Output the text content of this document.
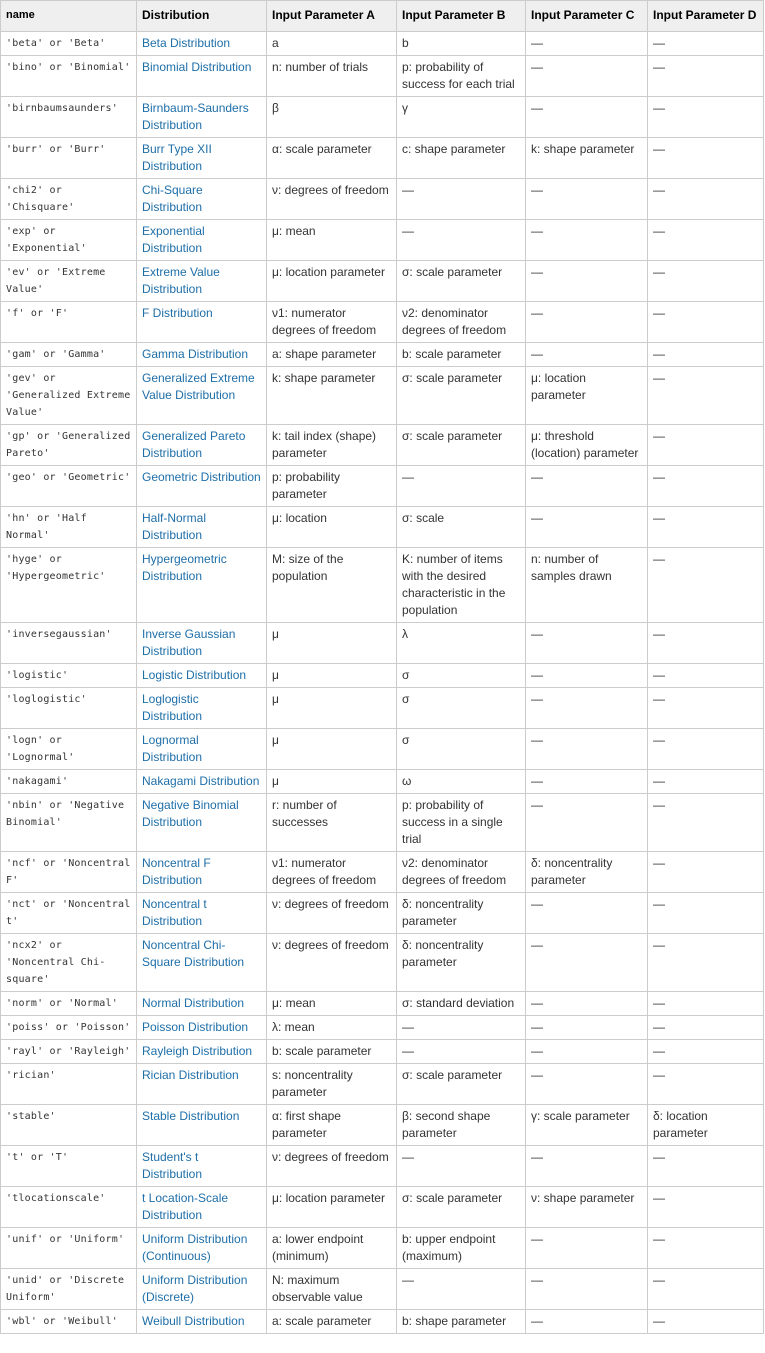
name	Distribution	Input Parameter A	Input Parameter B	Input Parameter C	Input Parameter D
'beta' or 'Beta'	Beta Distribution	a	b	—	—
'bino' or 'Binomial'	Binomial Distribution	n: number of trials	p: probability of success for each trial	—	—
'birnbaumsaunders'	Birnbaum-Saunders Distribution	β	γ	—	—
'burr' or 'Burr'	Burr Type XII Distribution	α: scale parameter	c: shape parameter	k: shape parameter	—
'chi2' or 'Chisquare'	Chi-Square Distribution	ν: degrees of freedom	—	—	—
'exp' or 'Exponential'	Exponential Distribution	μ: mean	—	—	—
'ev' or 'Extreme Value'	Extreme Value Distribution	μ: location parameter	σ: scale parameter	—	—
'f' or 'F'	F Distribution	ν1: numerator degrees of freedom	ν2: denominator degrees of freedom	—	—
'gam' or 'Gamma'	Gamma Distribution	a: shape parameter	b: scale parameter	—	—
'gev' or 'Generalized Extreme Value'	Generalized Extreme Value Distribution	k: shape parameter	σ: scale parameter	μ: location parameter	—
'gp' or 'Generalized Pareto'	Generalized Pareto Distribution	k: tail index (shape) parameter	σ: scale parameter	μ: threshold (location) parameter	—
'geo' or 'Geometric'	Geometric Distribution	p: probability parameter	—	—	—
'hn' or 'Half Normal'	Half-Normal Distribution	μ: location	σ: scale	—	—
'hyge' or 'Hypergeometric'	Hypergeometric Distribution	M: size of the population	K: number of items with the desired characteristic in the population	n: number of samples drawn	—
'inversegaussian'	Inverse Gaussian Distribution	μ	λ	—	—
'logistic'	Logistic Distribution	μ	σ	—	—
'loglogistic'	Loglogistic Distribution	μ	σ	—	—
'logn' or 'Lognormal'	Lognormal Distribution	μ	σ	—	—
'nakagami'	Nakagami Distribution	μ	ω	—	—
'nbin' or 'Negative Binomial'	Negative Binomial Distribution	r: number of successes	p: probability of success in a single trial	—	—
'ncf' or 'Noncentral F'	Noncentral F Distribution	ν1: numerator degrees of freedom	ν2: denominator degrees of freedom	δ: noncentrality parameter	—
'nct' or 'Noncentral t'	Noncentral t Distribution	ν: degrees of freedom	δ: noncentrality parameter	—	—
'ncx2' or 'Noncentral Chi-square'	Noncentral Chi-Square Distribution	ν: degrees of freedom	δ: noncentrality parameter	—	—
'norm' or 'Normal'	Normal Distribution	μ: mean	σ: standard deviation	—	—
'poiss' or 'Poisson'	Poisson Distribution	λ: mean	—	—	—
'rayl' or 'Rayleigh'	Rayleigh Distribution	b: scale parameter	—	—	—
'rician'	Rician Distribution	s: noncentrality parameter	σ: scale parameter	—	—
'stable'	Stable Distribution	α: first shape parameter	β: second shape parameter	γ: scale parameter	δ: location parameter
't' or 'T'	Student's t Distribution	ν: degrees of freedom	—	—	—
'tlocationscale'	t Location-Scale Distribution	μ: location parameter	σ: scale parameter	ν: shape parameter	—
'unif' or 'Uniform'	Uniform Distribution (Continuous)	a: lower endpoint (minimum)	b: upper endpoint (maximum)	—	—
'unid' or 'Discrete Uniform'	Uniform Distribution (Discrete)	N: maximum observable value	—	—	—
'wbl' or 'Weibull'	Weibull Distribution	a: scale parameter	b: shape parameter	—	—
